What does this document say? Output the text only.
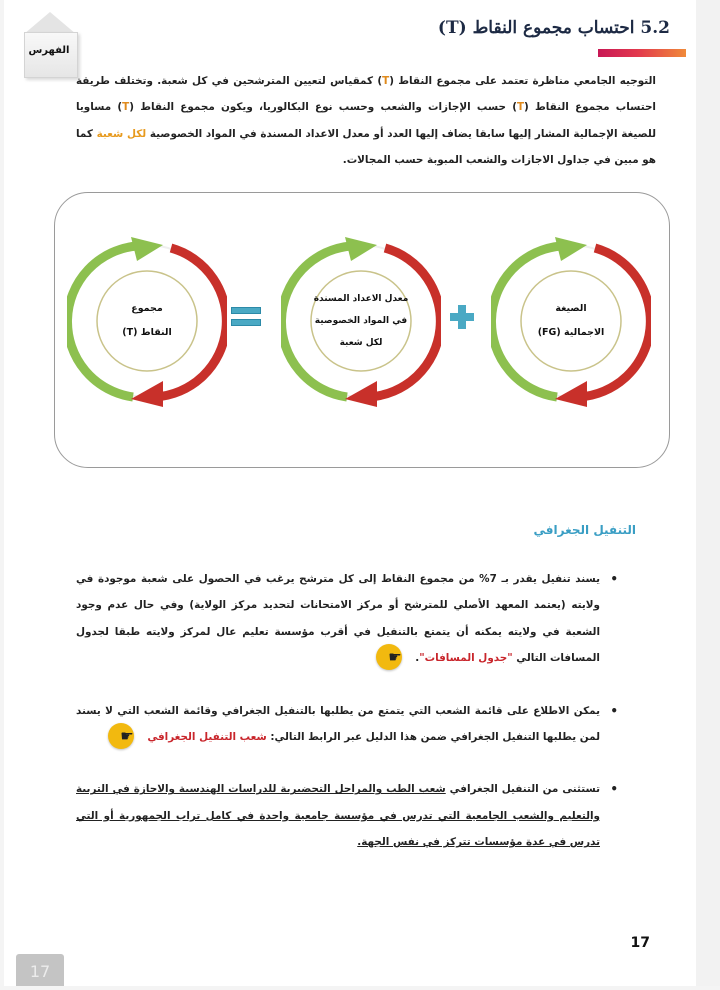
الفهرس
5.2 احتساب مجموع النقاط (T)
التوجيه الجامعي مناظرة تعتمد على مجموع النقاط (T) كمقياس لتعيين المترشحين في كل شعبة. وتختلف طريقة احتساب مجموع النقاط (T) حسب الإجازات والشعب وحسب نوع البكالوريا، ويكون مجموع النقاط (T) مساويا للصيغة الإجمالية المشار إليها سابقا يضاف إليها العدد أو معدل الاعداد المسندة في المواد الخصوصية لكل شعبة كما هو مبين في جداول الاجازات والشعب المبوبة حسب المجالات.
الصيغة
الاجمالية (FG)
معدل الاعداد المسندة
في المواد الخصوصية
لكل شعبة
مجموع
النقاط (T)
التنفيل الجغرافي
• يسند تنفيل يقدر بـ 7% من مجموع النقاط إلى كل مترشح يرغب في الحصول على شعبة موجودة في ولايته (يعتمد المعهد الأصلي للمترشح أو مركز الامتحانات لتحديد مركز الولاية) وفي حال عدم وجود الشعبة في ولايته يمكنه أن يتمتع بالتنفيل في أقرب مؤسسة تعليم عال لمركز ولايته طبقا لجدول المسافات التالي "جدول المسافات". ☛
• يمكن الاطلاع على قائمة الشعب التي يتمتع من يطلبها بالتنفيل الجغرافي وقائمة الشعب التي لا يسند لمن يطلبها التنفيل الجغرافي ضمن هذا الدليل عبر الرابط التالي: شعب التنفيل الجغرافي ☛
• تستثنى من التنفيل الجغرافي شعب الطب والمراحل التحضيرية للدراسات الهندسية والاجازة في التربية والتعليم والشعب الجامعية التي تدرس في مؤسسة جامعية واحدة في كامل تراب الجمهورية أو التي تدرس في عدة مؤسسات تتركز في نفس الجهة.
17
17
